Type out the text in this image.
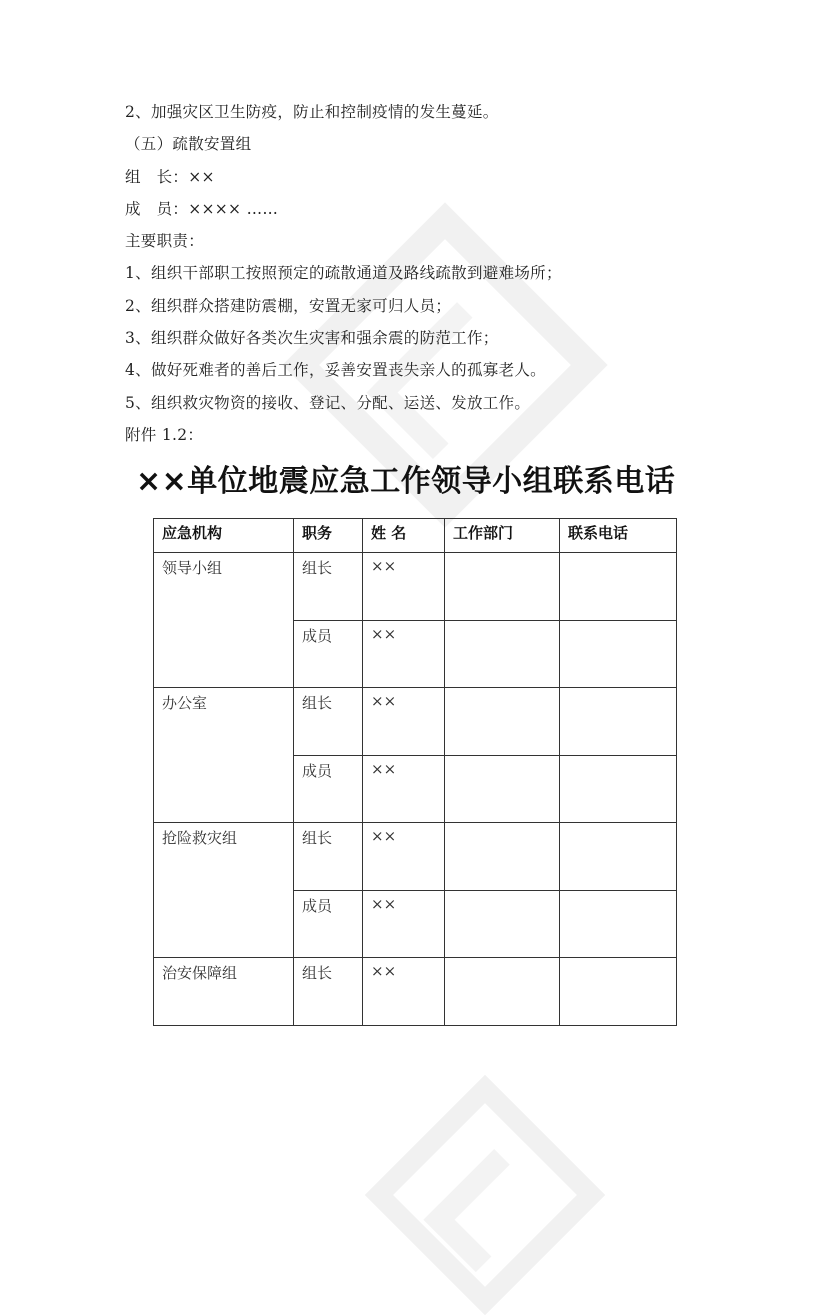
2、加强灾区卫生防疫，防止和控制疫情的发生蔓延。
（五）疏散安置组
组　长：××
成　员：×××× ……
主要职责：
1、组织干部职工按照预定的疏散通道及路线疏散到避难场所；
2、组织群众搭建防震棚，安置无家可归人员；
3、组织群众做好各类次生灾害和强余震的防范工作；
4、做好死难者的善后工作，妥善安置丧失亲人的孤寡老人。
5、组织救灾物资的接收、登记、分配、运送、发放工作。
附件 1.2：
××单位地震应急工作领导小组联系电话
应急机构	职务	姓 名	工作部门	联系电话
领导小组	组长	××		
	成员	××		
办公室	组长	××		
	成员	××		
抢险救灾组	组长	××		
	成员	××		
治安保障组	组长	××		
